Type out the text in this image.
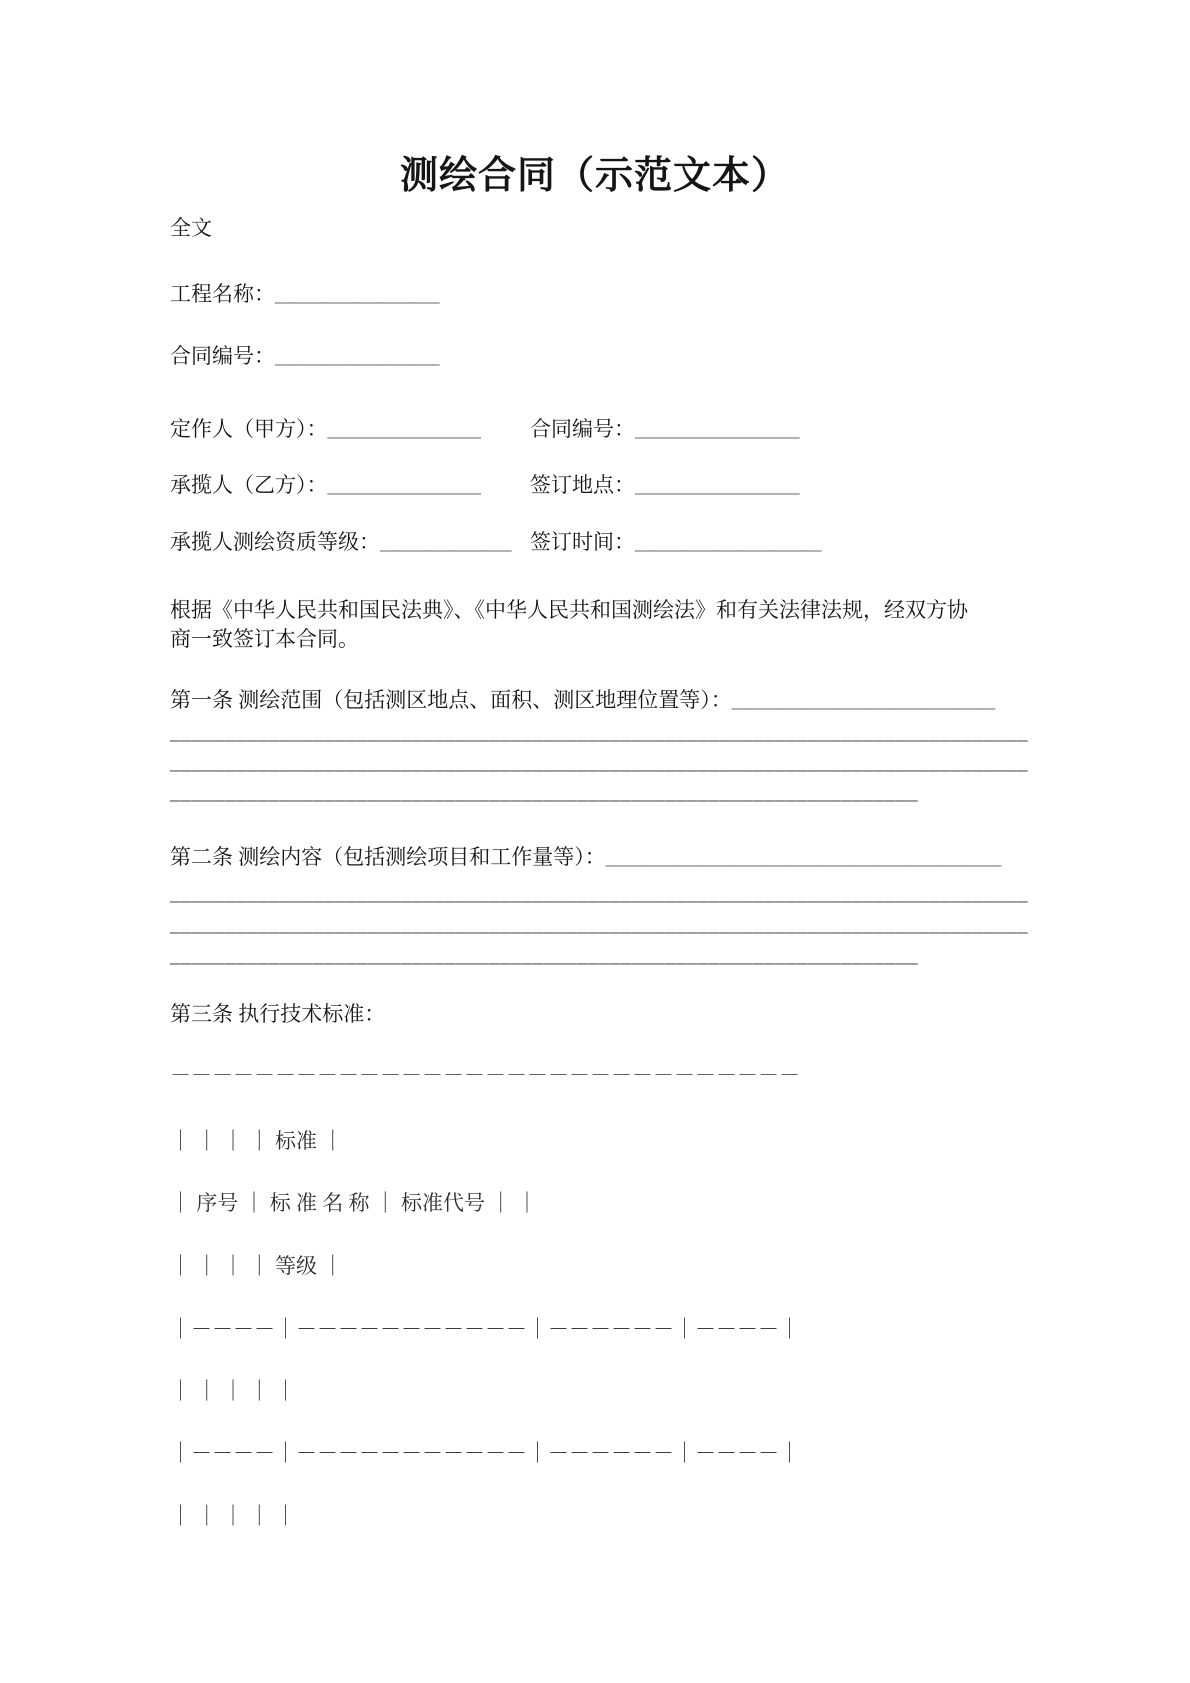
测绘合同（示范文本）
全文
工程名称：_______________
合同编号：_______________
定作人（甲方）：______________ 合同编号：_______________
承揽人（乙方）：______________ 签订地点：_______________
承揽人测绘资质等级：____________ 签订时间：_________________
根据《中华人民共和国民法典》、《中华人民共和国测绘法》和有关法律法规，经双方协
商一致签订本合同。
第一条 测绘范围（包括测区地点、面积、测区地理位置等）：________________________
______________________________________________________________________________
______________________________________________________________________________
____________________________________________________________________
第二条 测绘内容（包括测绘项目和工作量等）：____________________________________
______________________________________________________________________________
______________________________________________________________________________
____________________________________________________________________
第三条 执行技术标准：
－－－－－－－－－－－－－－－－－－－－－－－－－－－－－－
｜ ｜ ｜ ｜ 标准 ｜
｜ 序号 ｜ 标 准 名 称 ｜ 标准代号 ｜ ｜
｜ ｜ ｜ ｜ 等级 ｜
｜－－－－｜－－－－－－－－－－－｜－－－－－－｜－－－－｜
｜ ｜ ｜ ｜ ｜
｜－－－－｜－－－－－－－－－－－｜－－－－－－｜－－－－｜
｜ ｜ ｜ ｜ ｜
